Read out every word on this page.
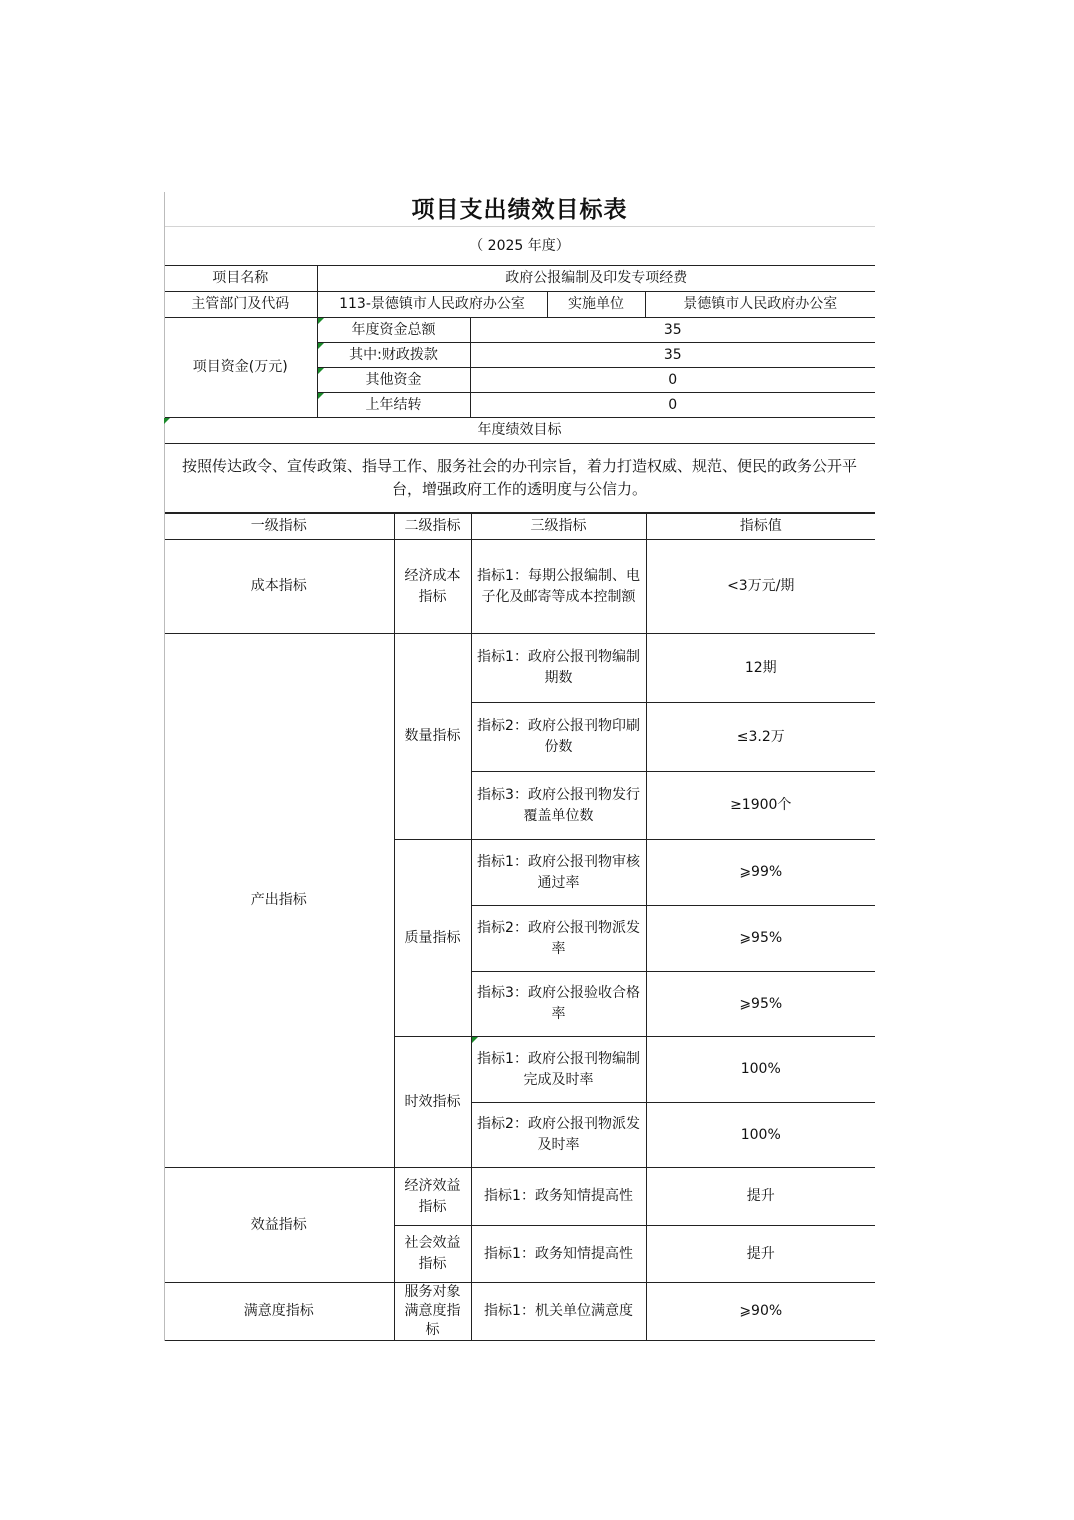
项目支出绩效目标表
（ 2025 年度）
项目名称	政府公报编制及印发专项经费			
主管部门及代码	113-景德镇市人民政府办公室		实施单位	景德镇市人民政府办公室
项目资金(万元)	年度资金总额	35		
	其中:财政拨款	35		
	其他资金	0		
	上年结转	0		
年度绩效目标				
按照传达政令、宣传政策、指导工作、服务社会的办刊宗旨，着力打造权威、规范、便民的政务公开平台，增强政府工作的透明度与公信力。				
一级指标	二级指标	三级指标	指标值
成本指标	经济成本指标	指标1：每期公报编制、电子化及邮寄等成本控制额	<3万元/期
产出指标	数量指标	指标1：政府公报刊物编制期数	12期
		指标2：政府公报刊物印刷份数	≤3.2万
		指标3：政府公报刊物发行覆盖单位数	≥1900个
	质量指标	指标1：政府公报刊物审核通过率	⩾99%
		指标2：政府公报刊物派发率	⩾95%
		指标3：政府公报验收合格率	⩾95%
	时效指标	指标1：政府公报刊物编制完成及时率	100%
		指标2：政府公报刊物派发及时率	100%
效益指标	经济效益指标	指标1：政务知情提高性	提升
	社会效益指标	指标1：政务知情提高性	提升
满意度指标	服务对象满意度指标	指标1：机关单位满意度	⩾90%
